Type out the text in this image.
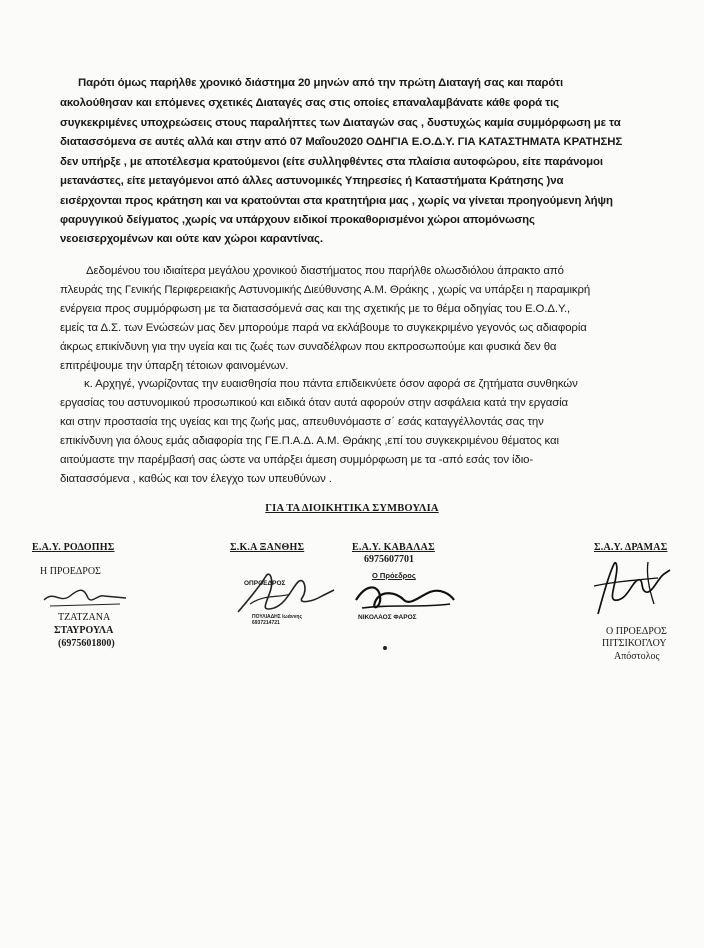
Παρότι όμως παρήλθε χρονικό διάστημα 20 μηνών από την πρώτη Διαταγή σας και παρότι
ακολούθησαν και επόμενες σχετικές Διαταγές σας στις οποίες επαναλαμβάνατε κάθε φορά τις
συγκεκριμένες υποχρεώσεις στους παραλήπτες των Διαταγών σας , δυστυχώς καμία συμμόρφωση με τα
διατασσόμενα σε αυτές αλλά και στην από 07 Μαΐου2020 ΟΔΗΓΙΑ Ε.Ο.Δ.Υ. ΓΙΑ ΚΑΤΑΣΤΗΜΑΤΑ ΚΡΑΤΗΣΗΣ
δεν υπήρξε , με αποτέλεσμα κρατούμενοι (είτε συλληφθέντες στα πλαίσια αυτοφώρου, είτε παράνομοι
μετανάστες, είτε μεταγόμενοι από άλλες αστυνομικές Υπηρεσίες ή Καταστήματα Κράτησης )να
εισέρχονται προς κράτηση και να κρατούνται στα κρατητήρια μας , χωρίς να γίνεται προηγούμενη λήψη
φαρυγγικού δείγματος ,χωρίς να υπάρχουν ειδικοί προκαθορισμένοι χώροι απομόνωσης
νεοεισερχομένων και ούτε καν χώροι καραντίνας.
Δεδομένου του ιδιαίτερα μεγάλου χρονικού διαστήματος που παρήλθε ολωσδιόλου άπρακτο από
πλευράς της Γενικής Περιφερειακής Αστυνομικής Διεύθυνσης Α.Μ. Θράκης , χωρίς να υπάρξει η παραμικρή
ενέργεια προς συμμόρφωση με τα διατασσόμενά σας και της σχετικής με το θέμα οδηγίας του Ε.Ο.Δ.Υ.,
εμείς τα Δ.Σ. των Ενώσεών μας δεν μπορούμε παρά να εκλάβουμε το συγκεκριμένο γεγονός ως αδιαφορία
άκρως επικίνδυνη για την υγεία και τις ζωές των συναδέλφων που εκπροσωπούμε και φυσικά δεν θα
επιτρέψουμε την ύπαρξη τέτοιων φαινομένων.
κ. Αρχηγέ, γνωρίζοντας την ευαισθησία που πάντα επιδεικνύετε όσον αφορά σε ζητήματα συνθηκών
εργασίας του αστυνομικού προσωπικού και ειδικά όταν αυτά αφορούν στην ασφάλεια κατά την εργασία
και στην προστασία της υγείας και της ζωής μας, απευθυνόμαστε σ΄ εσάς καταγγέλλοντάς σας την
επικίνδυνη για όλους εμάς αδιαφορία της ΓΕ.Π.Α.Δ. Α.Μ. Θράκης ,επί του συγκεκριμένου θέματος και
αιτούμαστε την παρέμβασή σας ώστε να υπάρξει άμεση συμμόρφωση με τα -από εσάς τον ίδιο-
διατασσόμενα , καθώς και τον έλεγχο των υπευθύνων .
ΓΙΑ ΤΑ ΔΙΟΙΚΗΤΙΚΑ ΣΥΜΒΟΥΛΙΑ
Ε.Α.Υ. ΡΟΔΟΠΗΣ
Η ΠΡΟΕΔΡΟΣ
ΤΖΑΤΖΑΝΑ
ΣΤΑΥΡΟΥΛΑ
(6975601800)
Σ.Κ.Α ΞΑΝΘΗΣ
ΟΠΡΟΕΔΡΟΣ
ΠΟΥΛΙΑΔΗΣ Ιωάννης
6937214721
Ε.Α.Υ. ΚΑΒΑΛΑΣ
6975607701
Ο Πρόεδρος
ΝΙΚΟΛΑΟΣ ΦΑΡΟΣ
Σ.Α.Υ. ΔΡΑΜΑΣ
Ο ΠΡΟΕΔΡΟΣ
ΠΙΤΣΙΚΟΓΛΟΥ
Απόστολος
